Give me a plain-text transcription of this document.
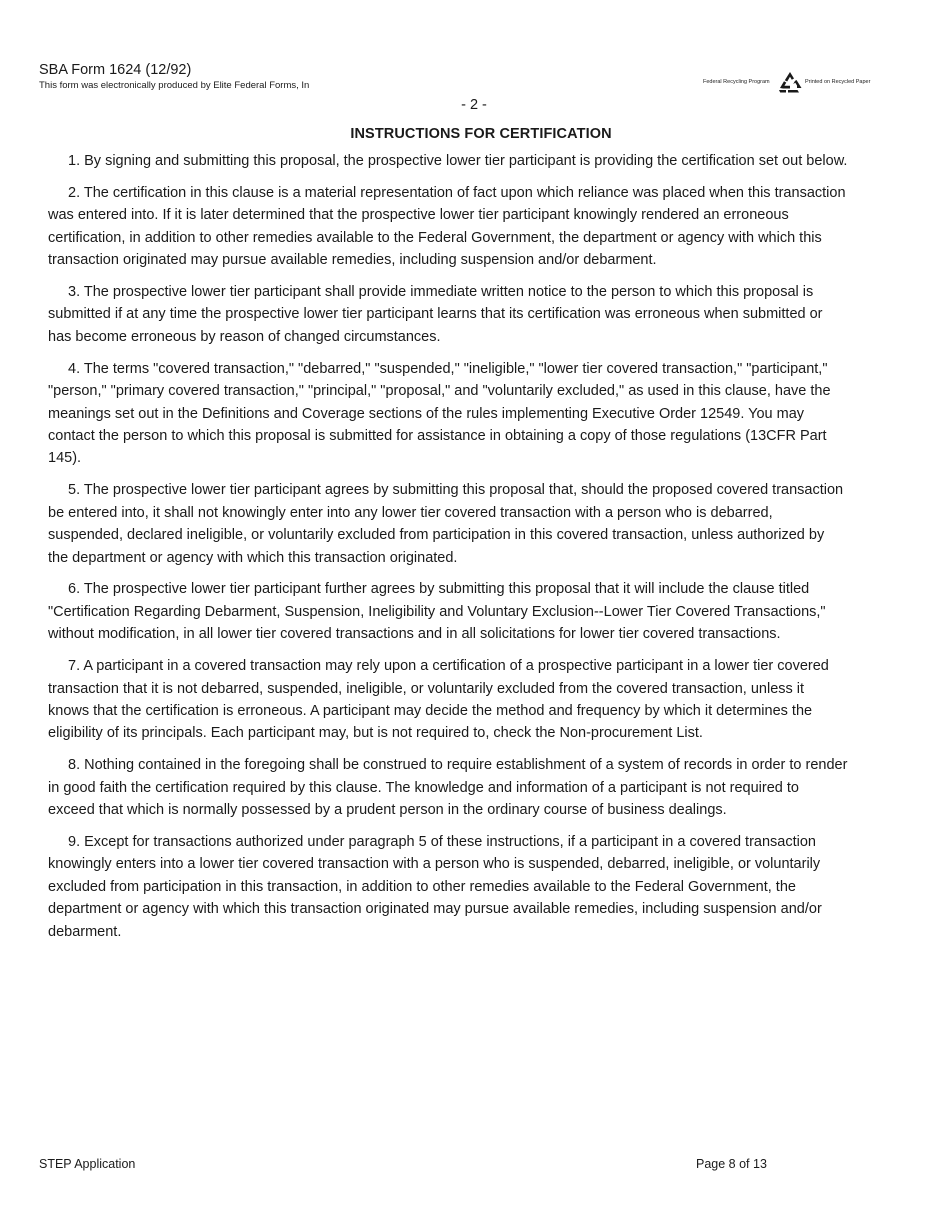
SBA Form 1624 (12/92)
This form was electronically produced by Elite Federal Forms, In	Federal Recycling Program	Printed on Recycled Paper
- 2 -
INSTRUCTIONS FOR CERTIFICATION

1. By signing and submitting this proposal, the prospective lower tier participant is providing the certification set out below.

2. The certification in this clause is a material representation of fact upon which reliance was placed when this transaction was entered into. If it is later determined that the prospective lower tier participant knowingly rendered an erroneous certification, in addition to other remedies available to the Federal Government, the department or agency with which this transaction originated may pursue available remedies, including suspension and/or debarment.

3. The prospective lower tier participant shall provide immediate written notice to the person to which this proposal is submitted if at any time the prospective lower tier participant learns that its certification was erroneous when submitted or has become erroneous by reason of changed circumstances.

4. The terms "covered transaction," "debarred," "suspended," "ineligible," "lower tier covered transaction," "participant," "person," "primary covered transaction," "principal," "proposal," and "voluntarily excluded," as used in this clause, have the meanings set out in the Definitions and Coverage sections of the rules implementing Executive Order 12549. You may contact the person to which this proposal is submitted for assistance in obtaining a copy of those regulations (13CFR Part 145).

5. The prospective lower tier participant agrees by submitting this proposal that, should the proposed covered transaction be entered into, it shall not knowingly enter into any lower tier covered transaction with a person who is debarred, suspended, declared ineligible, or voluntarily excluded from participation in this covered transaction, unless authorized by the department or agency with which this transaction originated.

6. The prospective lower tier participant further agrees by submitting this proposal that it will include the clause titled "Certification Regarding Debarment, Suspension, Ineligibility and Voluntary Exclusion--Lower Tier Covered Transactions," without modification, in all lower tier covered transactions and in all solicitations for lower tier covered transactions.

7. A participant in a covered transaction may rely upon a certification of a prospective participant in a lower tier covered transaction that it is not debarred, suspended, ineligible, or voluntarily excluded from the covered transaction, unless it knows that the certification is erroneous. A participant may decide the method and frequency by which it determines the eligibility of its principals. Each participant may, but is not required to, check the Non-procurement List.

8. Nothing contained in the foregoing shall be construed to require establishment of a system of records in order to render in good faith the certification required by this clause. The knowledge and information of a participant is not required to exceed that which is normally possessed by a prudent person in the ordinary course of business dealings.

9. Except for transactions authorized under paragraph 5 of these instructions, if a participant in a covered transaction knowingly enters into a lower tier covered transaction with a person who is suspended, debarred, ineligible, or voluntarily excluded from participation in this transaction, in addition to other remedies available to the Federal Government, the department or agency with which this transaction originated may pursue available remedies, including suspension and/or debarment.

STEP Application	Page 8 of 13
